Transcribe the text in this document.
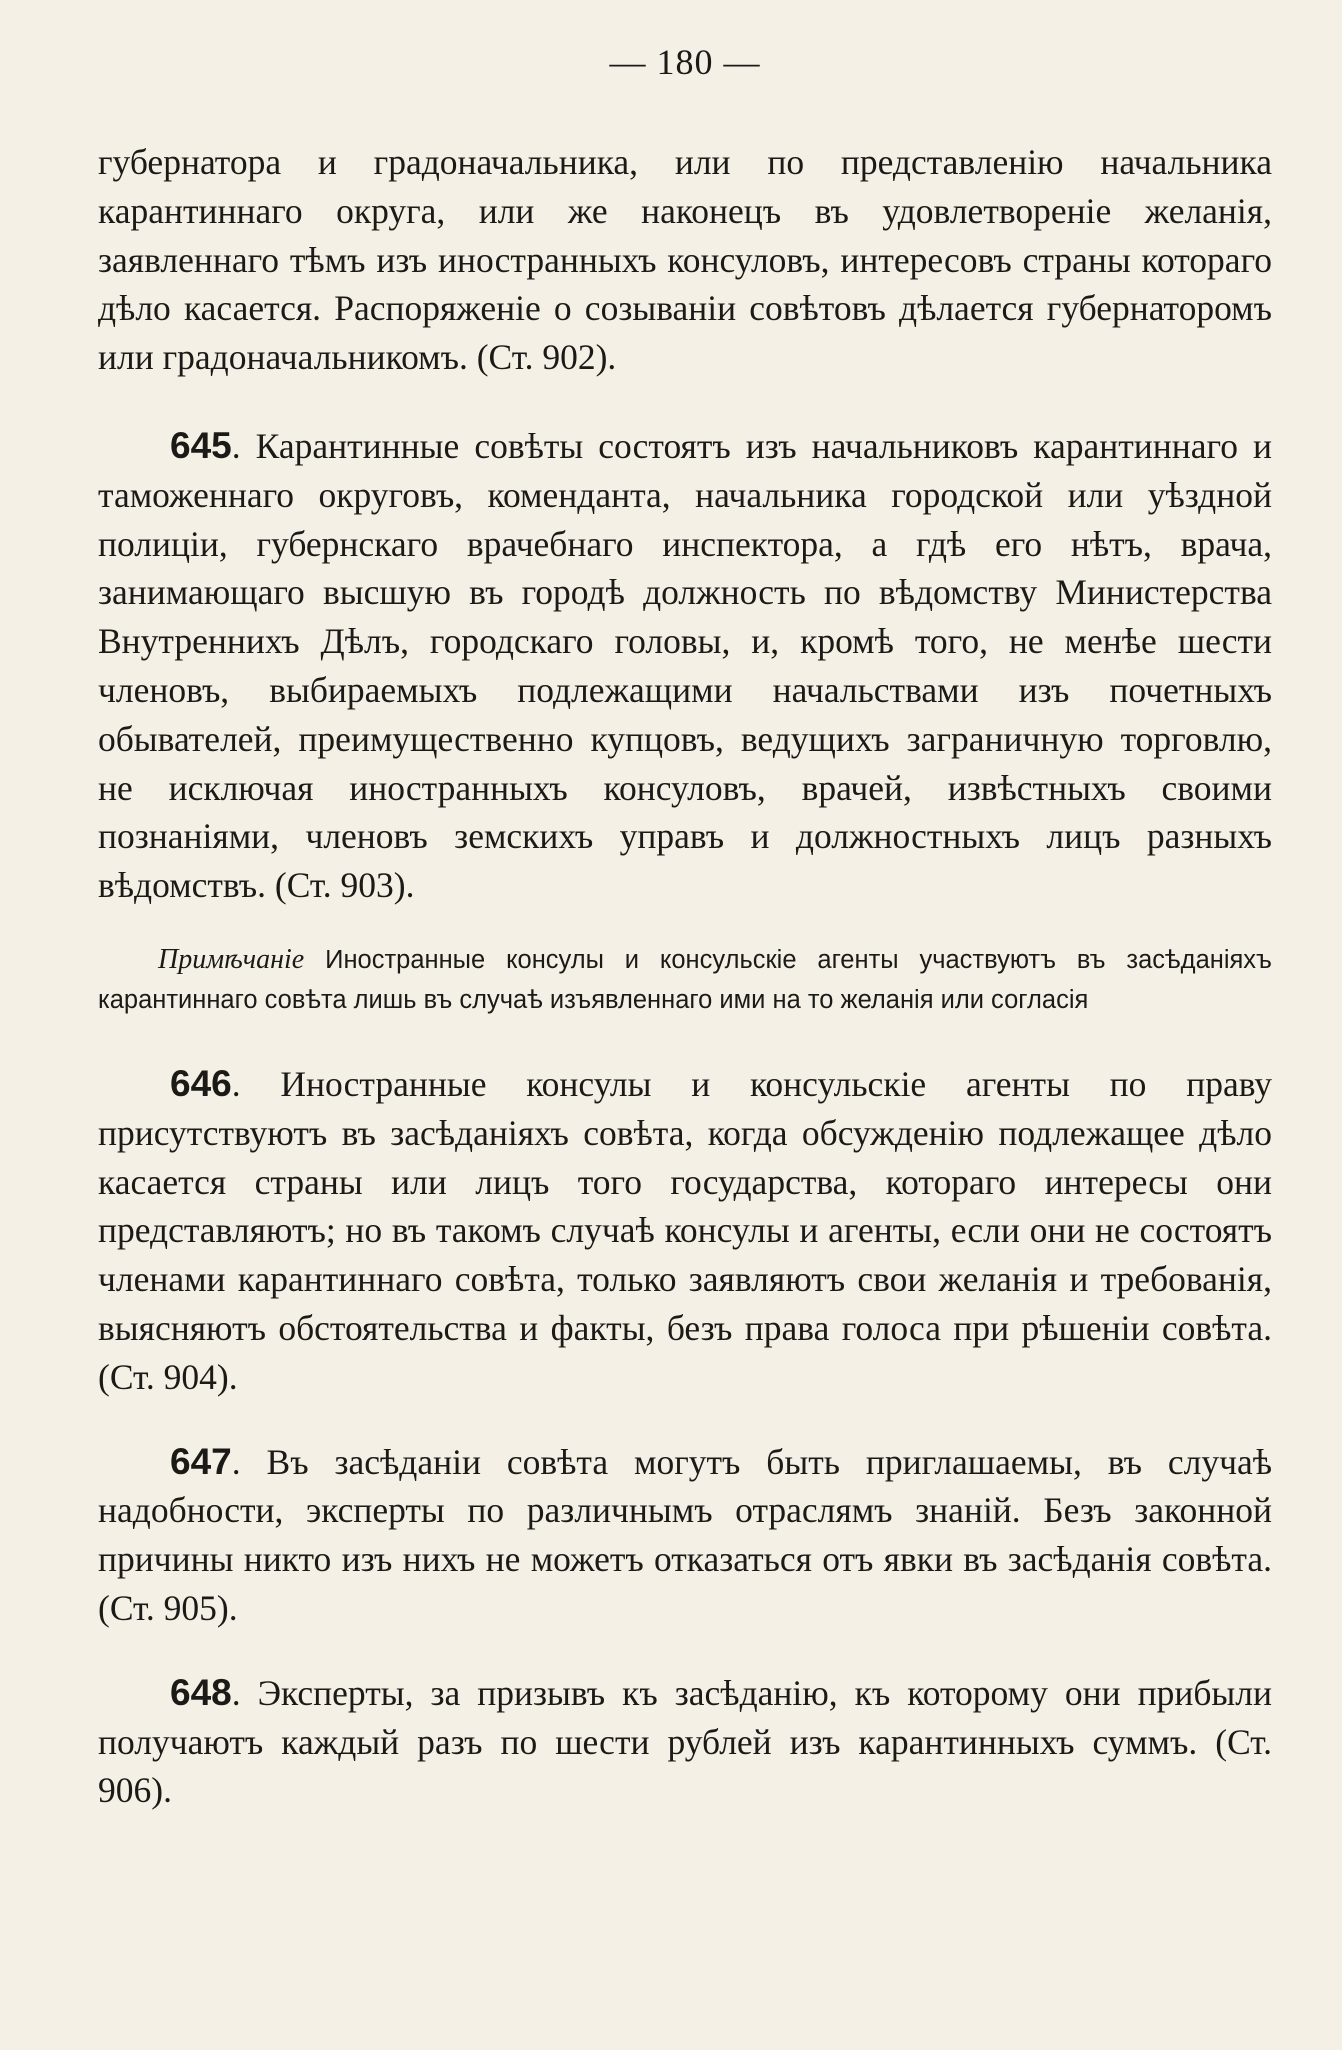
— 180 —

губернатора и градоначальника, или по представленію начальника карантиннаго округа, или же наконецъ въ удовлетвореніе желанія, заявленнаго тѣмъ изъ иностранныхъ консуловъ, интересовъ страны котораго дѣло касается. Распоряженіе о созываніи совѣтовъ дѣлается губернаторомъ или градоначальникомъ. (Ст. 902).

645. Карантинные совѣты состоятъ изъ начальниковъ карантиннаго и таможеннаго округовъ, коменданта, начальника городской или уѣздной полиціи, губернскаго врачебнаго инспектора, а гдѣ его нѣтъ, врача, занимающаго высшую въ городѣ должность по вѣдомству Министерства Внутреннихъ Дѣлъ, городскаго головы, и, кромѣ того, не менѣе шести членовъ, выбираемыхъ подлежащими начальствами изъ почетныхъ обывателей, преимущественно купцовъ, ведущихъ заграничную торговлю, не исключая иностранныхъ консуловъ, врачей, извѣстныхъ своими познаніями, членовъ земскихъ управъ и должностныхъ лицъ разныхъ вѣдомствъ. (Ст. 903).

Примѣчаніе Иностранные консулы и консульскіе агенты участвуютъ въ засѣданіяхъ карантиннаго совѣта лишь въ случаѣ изъявленнаго ими на то желанія или согласія

646. Иностранные консулы и консульскіе агенты по праву присутствуютъ въ засѣданіяхъ совѣта, когда обсужденію подлежащее дѣло касается страны или лицъ того государства, котораго интересы они представляютъ; но въ такомъ случаѣ консулы и агенты, если они не состоятъ членами карантиннаго совѣта, только заявляютъ свои желанія и требованія, выясняютъ обстоятельства и факты, безъ права голоса при рѣшеніи совѣта. (Ст. 904).

647. Въ засѣданіи совѣта могутъ быть приглашаемы, въ случаѣ надобности, эксперты по различнымъ отраслямъ знаній. Безъ законной причины никто изъ нихъ не можетъ отказаться отъ явки въ засѣданія совѣта. (Ст. 905).

648. Эксперты, за призывъ къ засѣданію, къ которому они прибыли получаютъ каждый разъ по шести рублей изъ карантинныхъ суммъ. (Ст. 906).
